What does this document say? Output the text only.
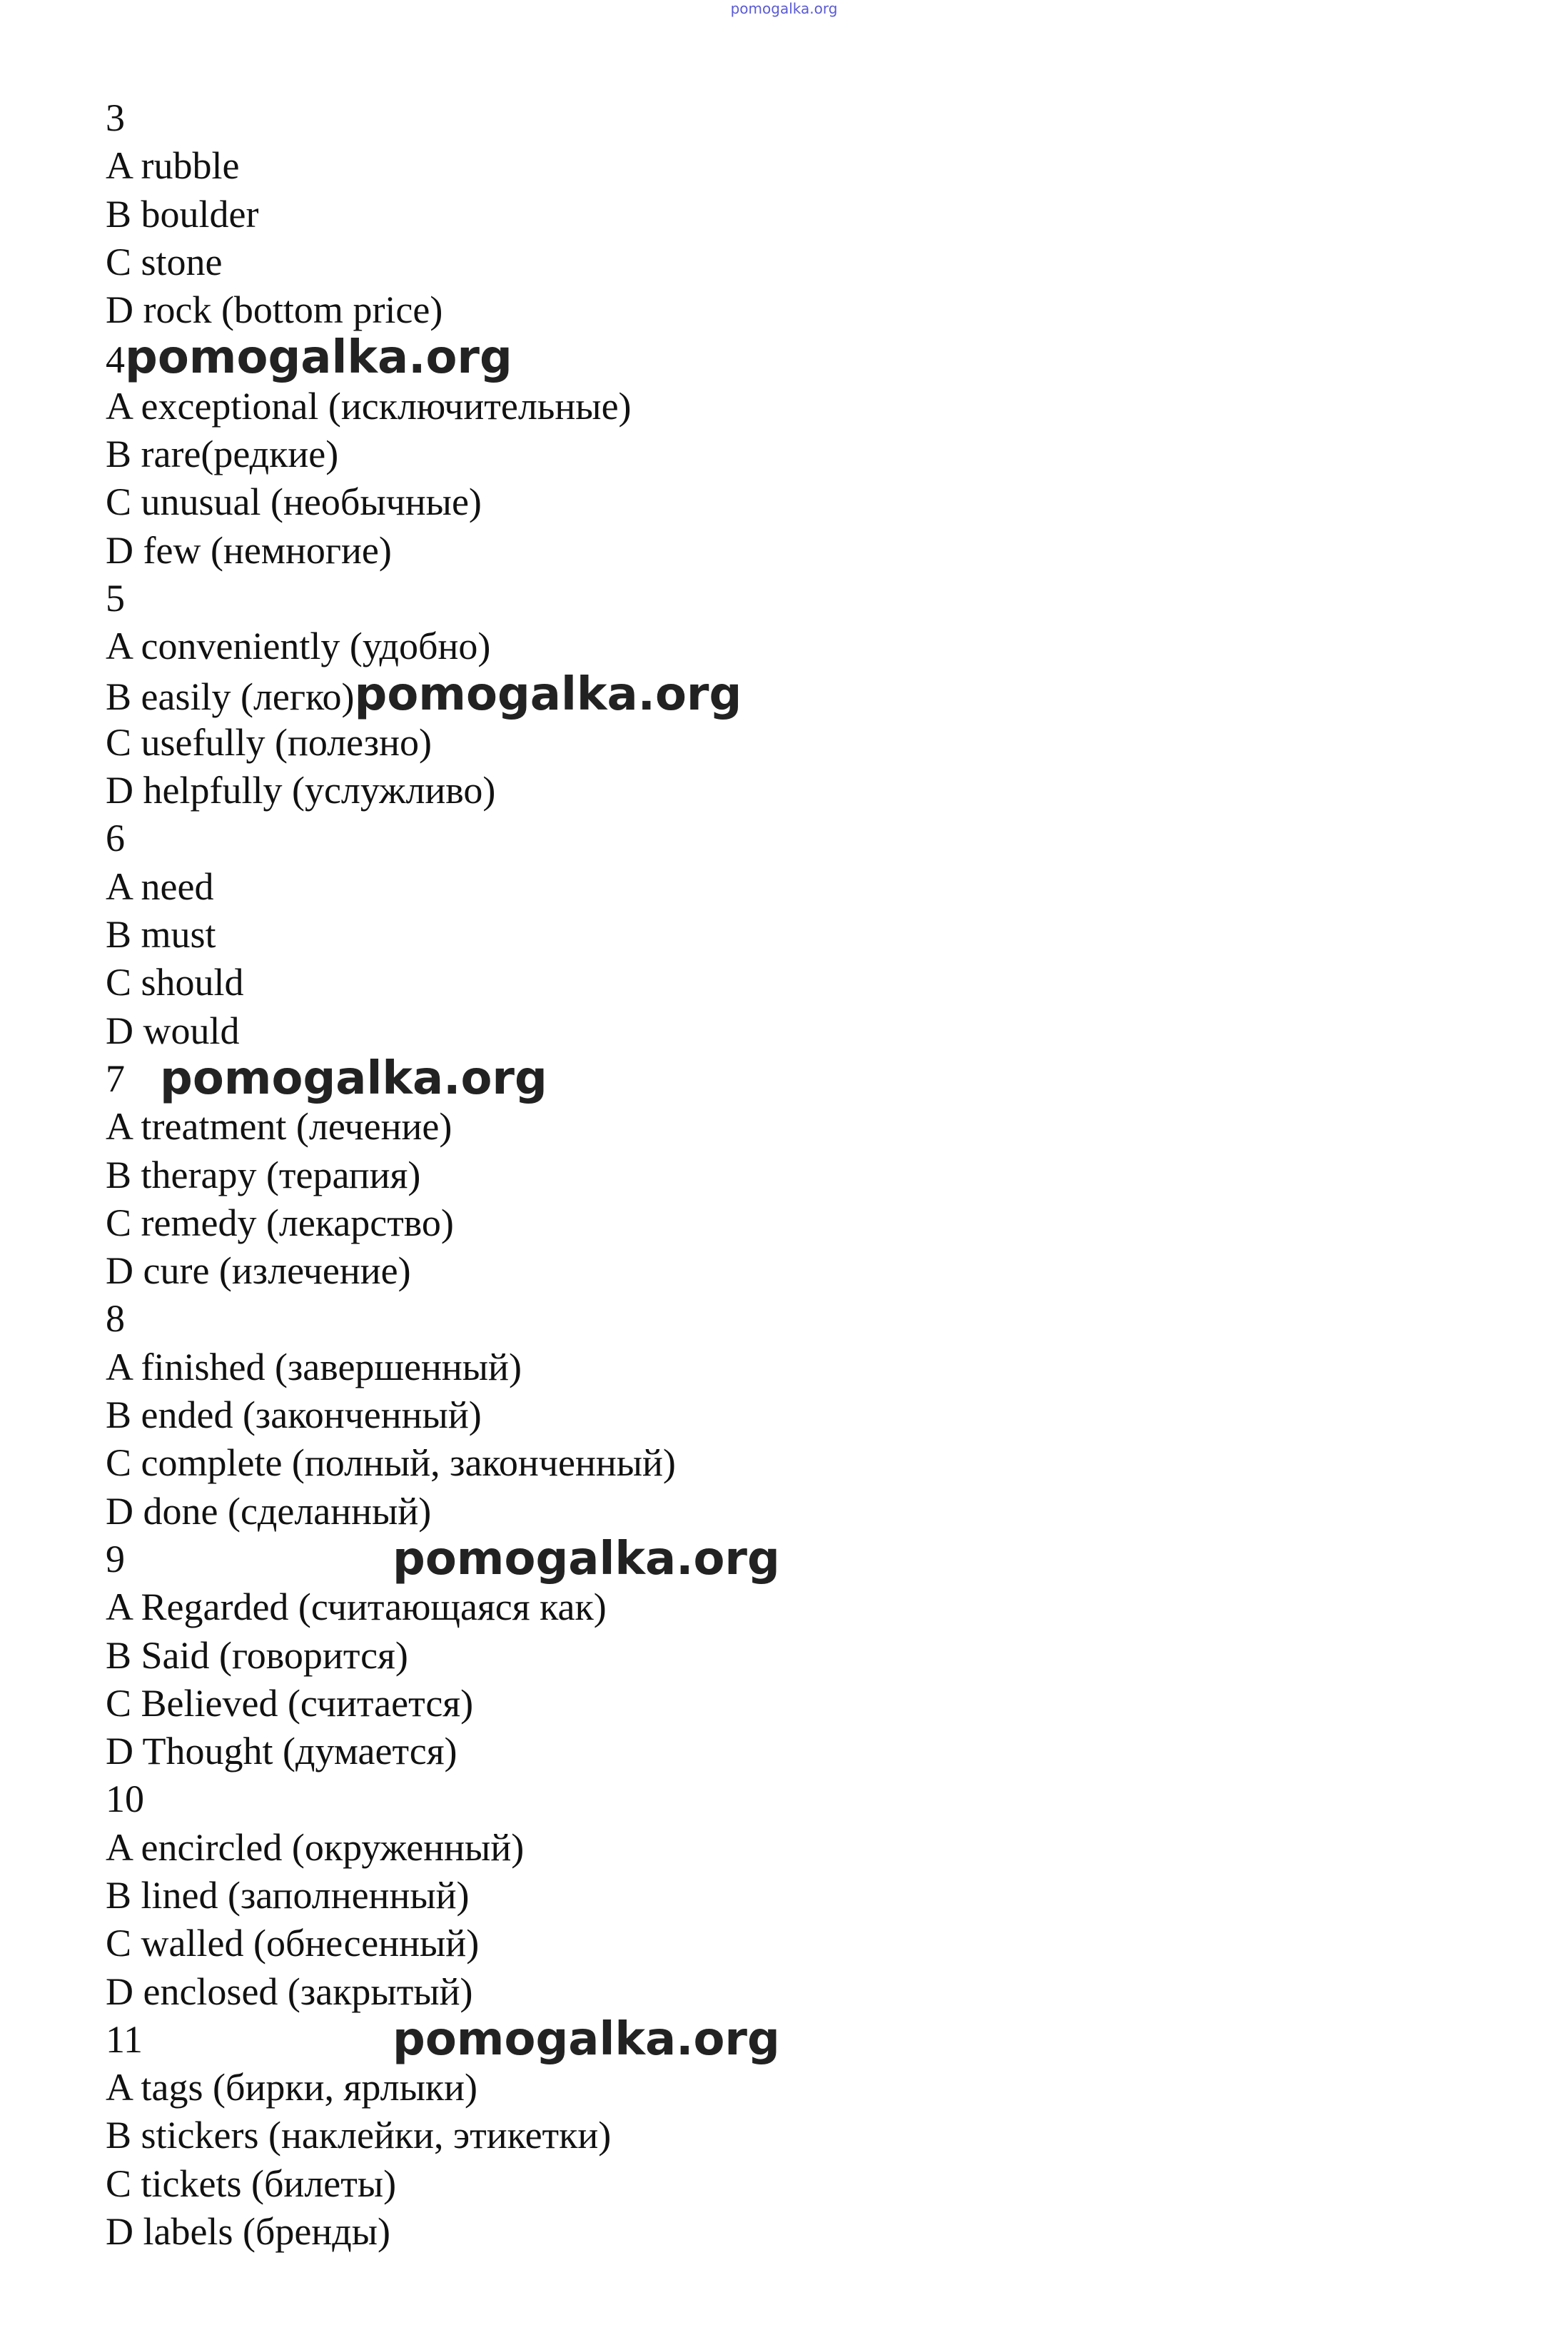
pomogalka.org
3
A rubble
B boulder
C stone
D rock (bottom price)
4pomogalka.org
A exceptional (исключительные)
B rare(редкие)
C unusual (необычные)
D few (немногие)
5
A conveniently (удобно)
B easily (легко)pomogalka.org
C usefully (полезно)
D helpfully (услужливо)
6
A need
B must
C should
D would
7 pomogalka.org
A treatment (лечение)
B therapy (терапия)
C remedy (лекарство)
D cure (излечение)
8
A finished (завершенный)
B ended (законченный)
C complete (полный, законченный)
D done (сделанный)
9	pomogalka.org
A Regarded (считающаяся как)
B Said (говорится)
C Believed (считается)
D Thought (думается)
10
A encircled (окруженный)
B lined (заполненный)
C walled (обнесенный)
D enclosed (закрытый)
11	pomogalka.org
A tags (бирки, ярлыки)
B stickers (наклейки, этикетки)
C tickets (билеты)
D labels (бренды)
